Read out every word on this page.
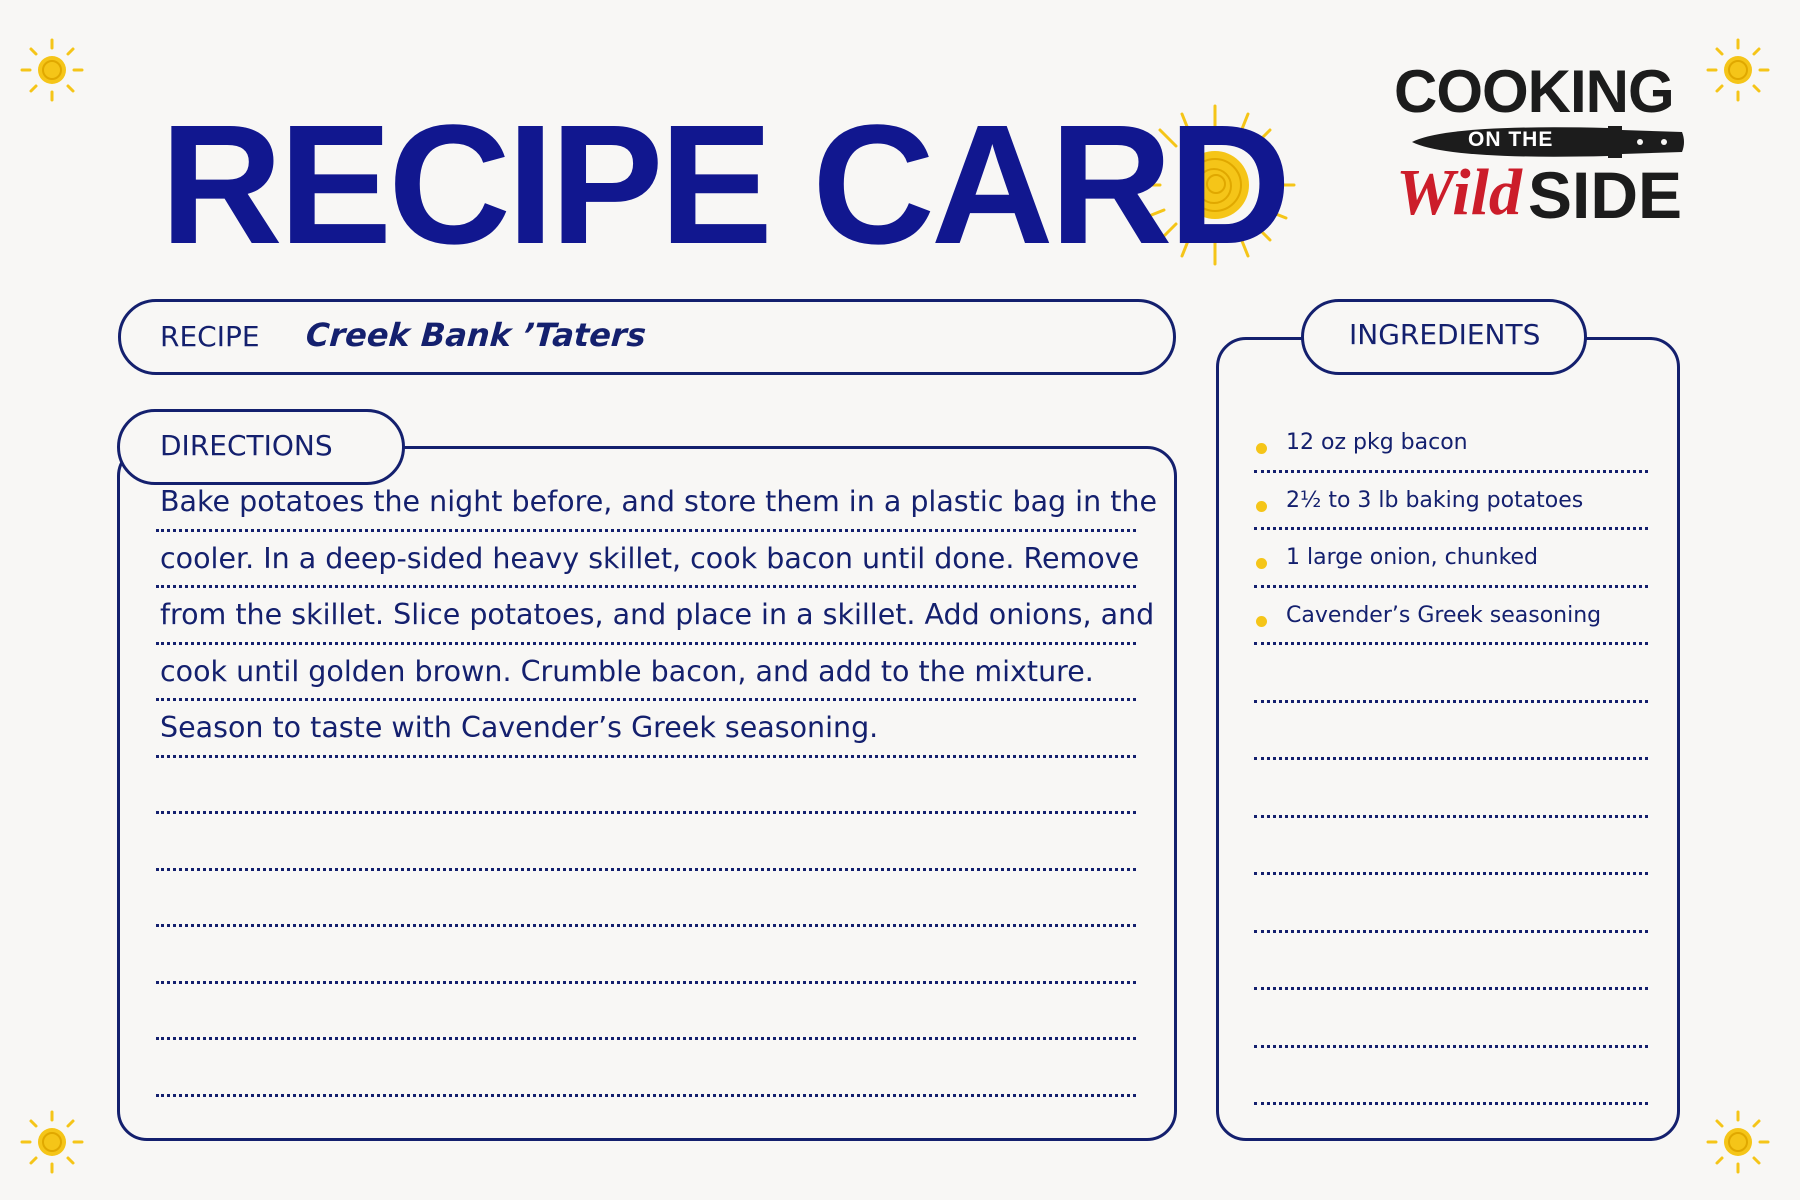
RECIPE CARD COOKING
ON THE
Wild SIDE
RECIPE Creek Bank ’Taters
DIRECTIONS
Bake potatoes the night before, and store them in a plastic bag in the
cooler. In a deep-sided heavy skillet, cook bacon until done. Remove
from the skillet. Slice potatoes, and place in a skillet. Add onions, and
cook until golden brown. Crumble bacon, and add to the mixture.
Season to taste with Cavender’s Greek seasoning.
INGREDIENTS
12 oz pkg bacon
2½ to 3 lb baking potatoes
1 large onion, chunked
Cavender’s Greek seasoning
